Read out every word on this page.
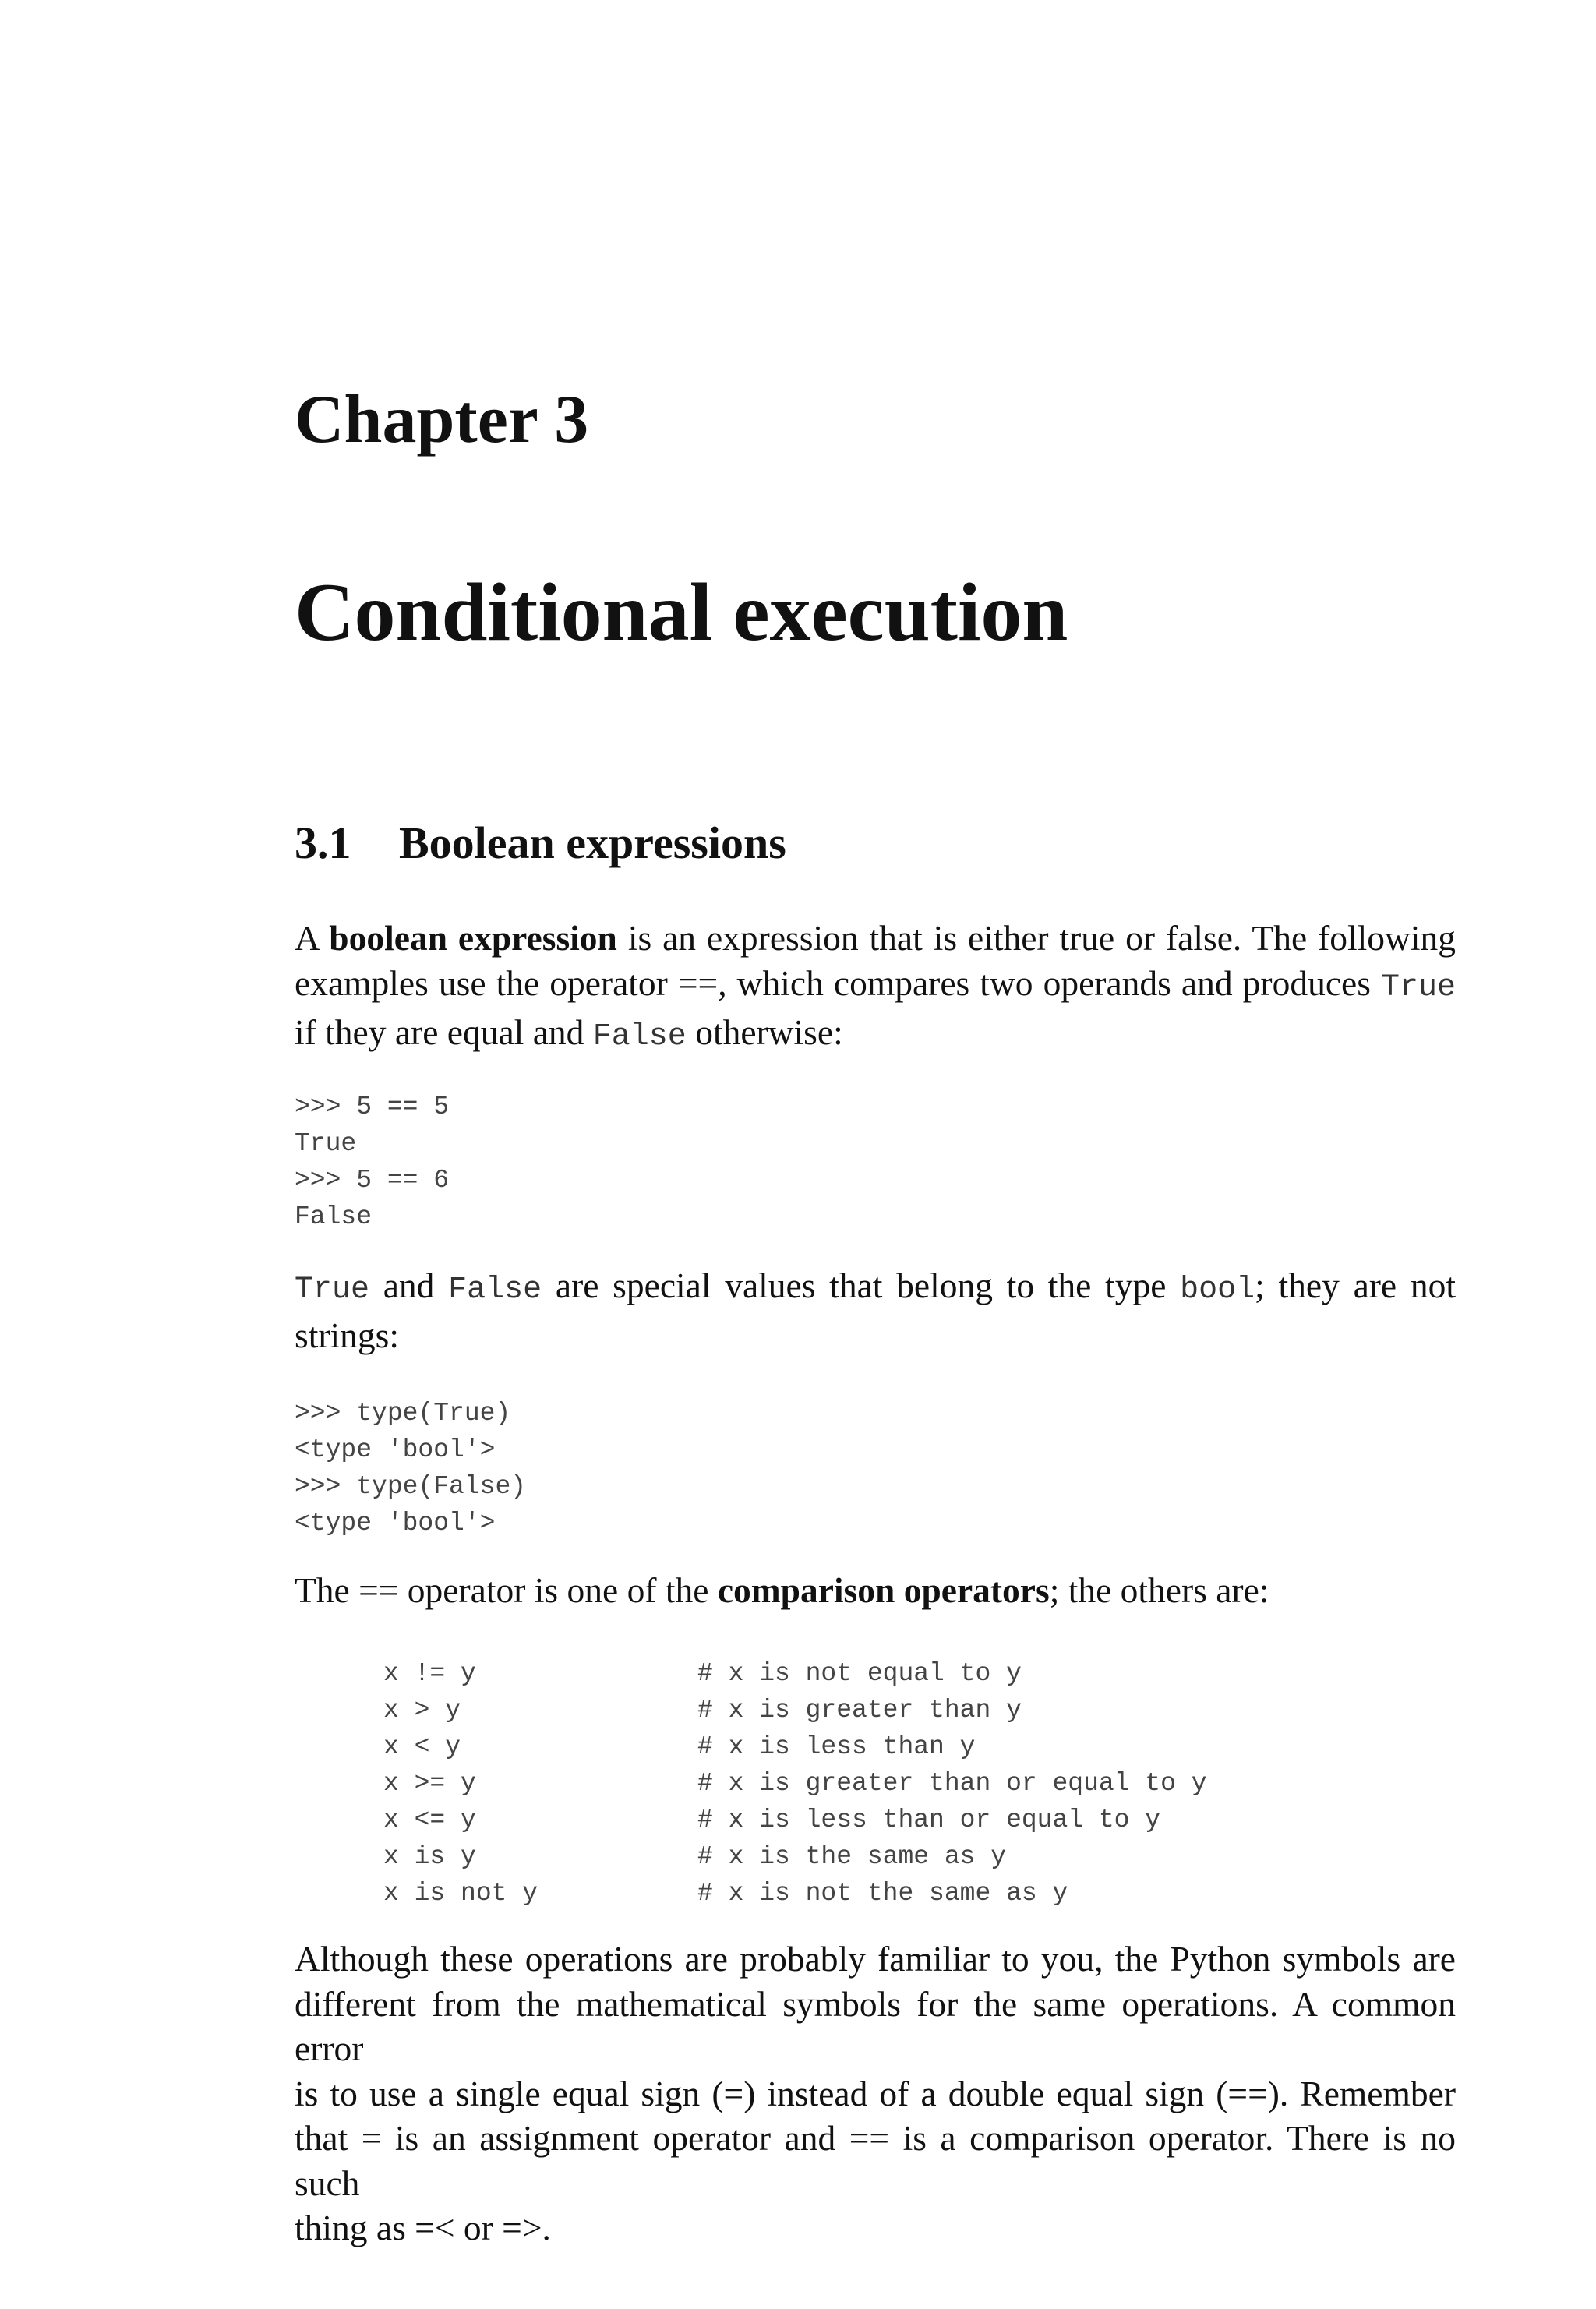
Chapter 3
Conditional execution
3.1 Boolean expressions
A boolean expression is an expression that is either true or false. The following
examples use the operator ==, which compares two operands and produces True
if they are equal and False otherwise:
>>> 5 == 5
True
>>> 5 == 6
False
True and False are special values that belong to the type bool; they are not
strings:
>>> type(True)
<type 'bool'>
>>> type(False)
<type 'bool'>
The == operator is one of the comparison operators; the others are:
x != y	# x is not equal to y
x > y	# x is greater than y
x < y	# x is less than y
x >= y	# x is greater than or equal to y
x <= y	# x is less than or equal to y
x is y	# x is the same as y
x is not y	# x is not the same as y
Although these operations are probably familiar to you, the Python symbols are
different from the mathematical symbols for the same operations. A common error
is to use a single equal sign (=) instead of a double equal sign (==). Remember
that = is an assignment operator and == is a comparison operator. There is no such
thing as =< or =>.
